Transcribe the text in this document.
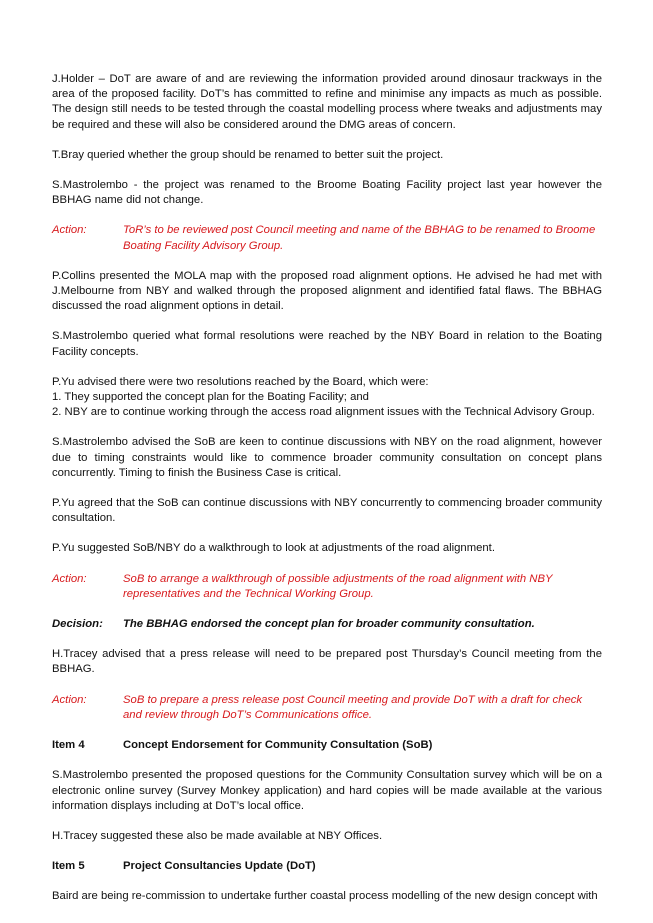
J.Holder – DoT are aware of and are reviewing the information provided around dinosaur trackways in the area of the proposed facility. DoT’s has committed to refine and minimise any impacts as much as possible. The design still needs to be tested through the coastal modelling process where tweaks and adjustments may be required and these will also be considered around the DMG areas of concern.

T.Bray queried whether the group should be renamed to better suit the project.

S.Mastrolembo - the project was renamed to the Broome Boating Facility project last year however the BBHAG name did not change.

Action:	ToR’s to be reviewed post Council meeting and name of the BBHAG to be renamed to Broome Boating Facility Advisory Group.

P.Collins presented the MOLA map with the proposed road alignment options. He advised he had met with J.Melbourne from NBY and walked through the proposed alignment and identified fatal flaws. The BBHAG discussed the road alignment options in detail.

S.Mastrolembo queried what formal resolutions were reached by the NBY Board in relation to the Boating Facility concepts.

P.Yu advised there were two resolutions reached by the Board, which were:

1. They supported the concept plan for the Boating Facility; and
2. NBY are to continue working through the access road alignment issues with the Technical Advisory Group.

S.Mastrolembo advised the SoB are keen to continue discussions with NBY on the road alignment, however due to timing constraints would like to commence broader community consultation on concept plans concurrently. Timing to finish the Business Case is critical.

P.Yu agreed that the SoB can continue discussions with NBY concurrently to commencing broader community consultation.

P.Yu suggested SoB/NBY do a walkthrough to look at adjustments of the road alignment.

Action:	SoB to arrange a walkthrough of possible adjustments of the road alignment with NBY representatives and the Technical Working Group.
Decision:	The BBHAG endorsed the concept plan for broader community consultation.

H.Tracey advised that a press release will need to be prepared post Thursday’s Council meeting from the BBHAG.

Action:	SoB to prepare a press release post Council meeting and provide DoT with a draft for check and review through DoT’s Communications office.
Item 4	Concept Endorsement for Community Consultation (SoB)

S.Mastrolembo presented the proposed questions for the Community Consultation survey which will be on a electronic online survey (Survey Monkey application) and hard copies will be made available at the various information displays including at DoT’s local office.

H.Tracey suggested these also be made available at NBY Offices.

Item 5	Project Consultancies Update (DoT)

Baird are being re-commission to undertake further coastal process modelling of the new design concept with
